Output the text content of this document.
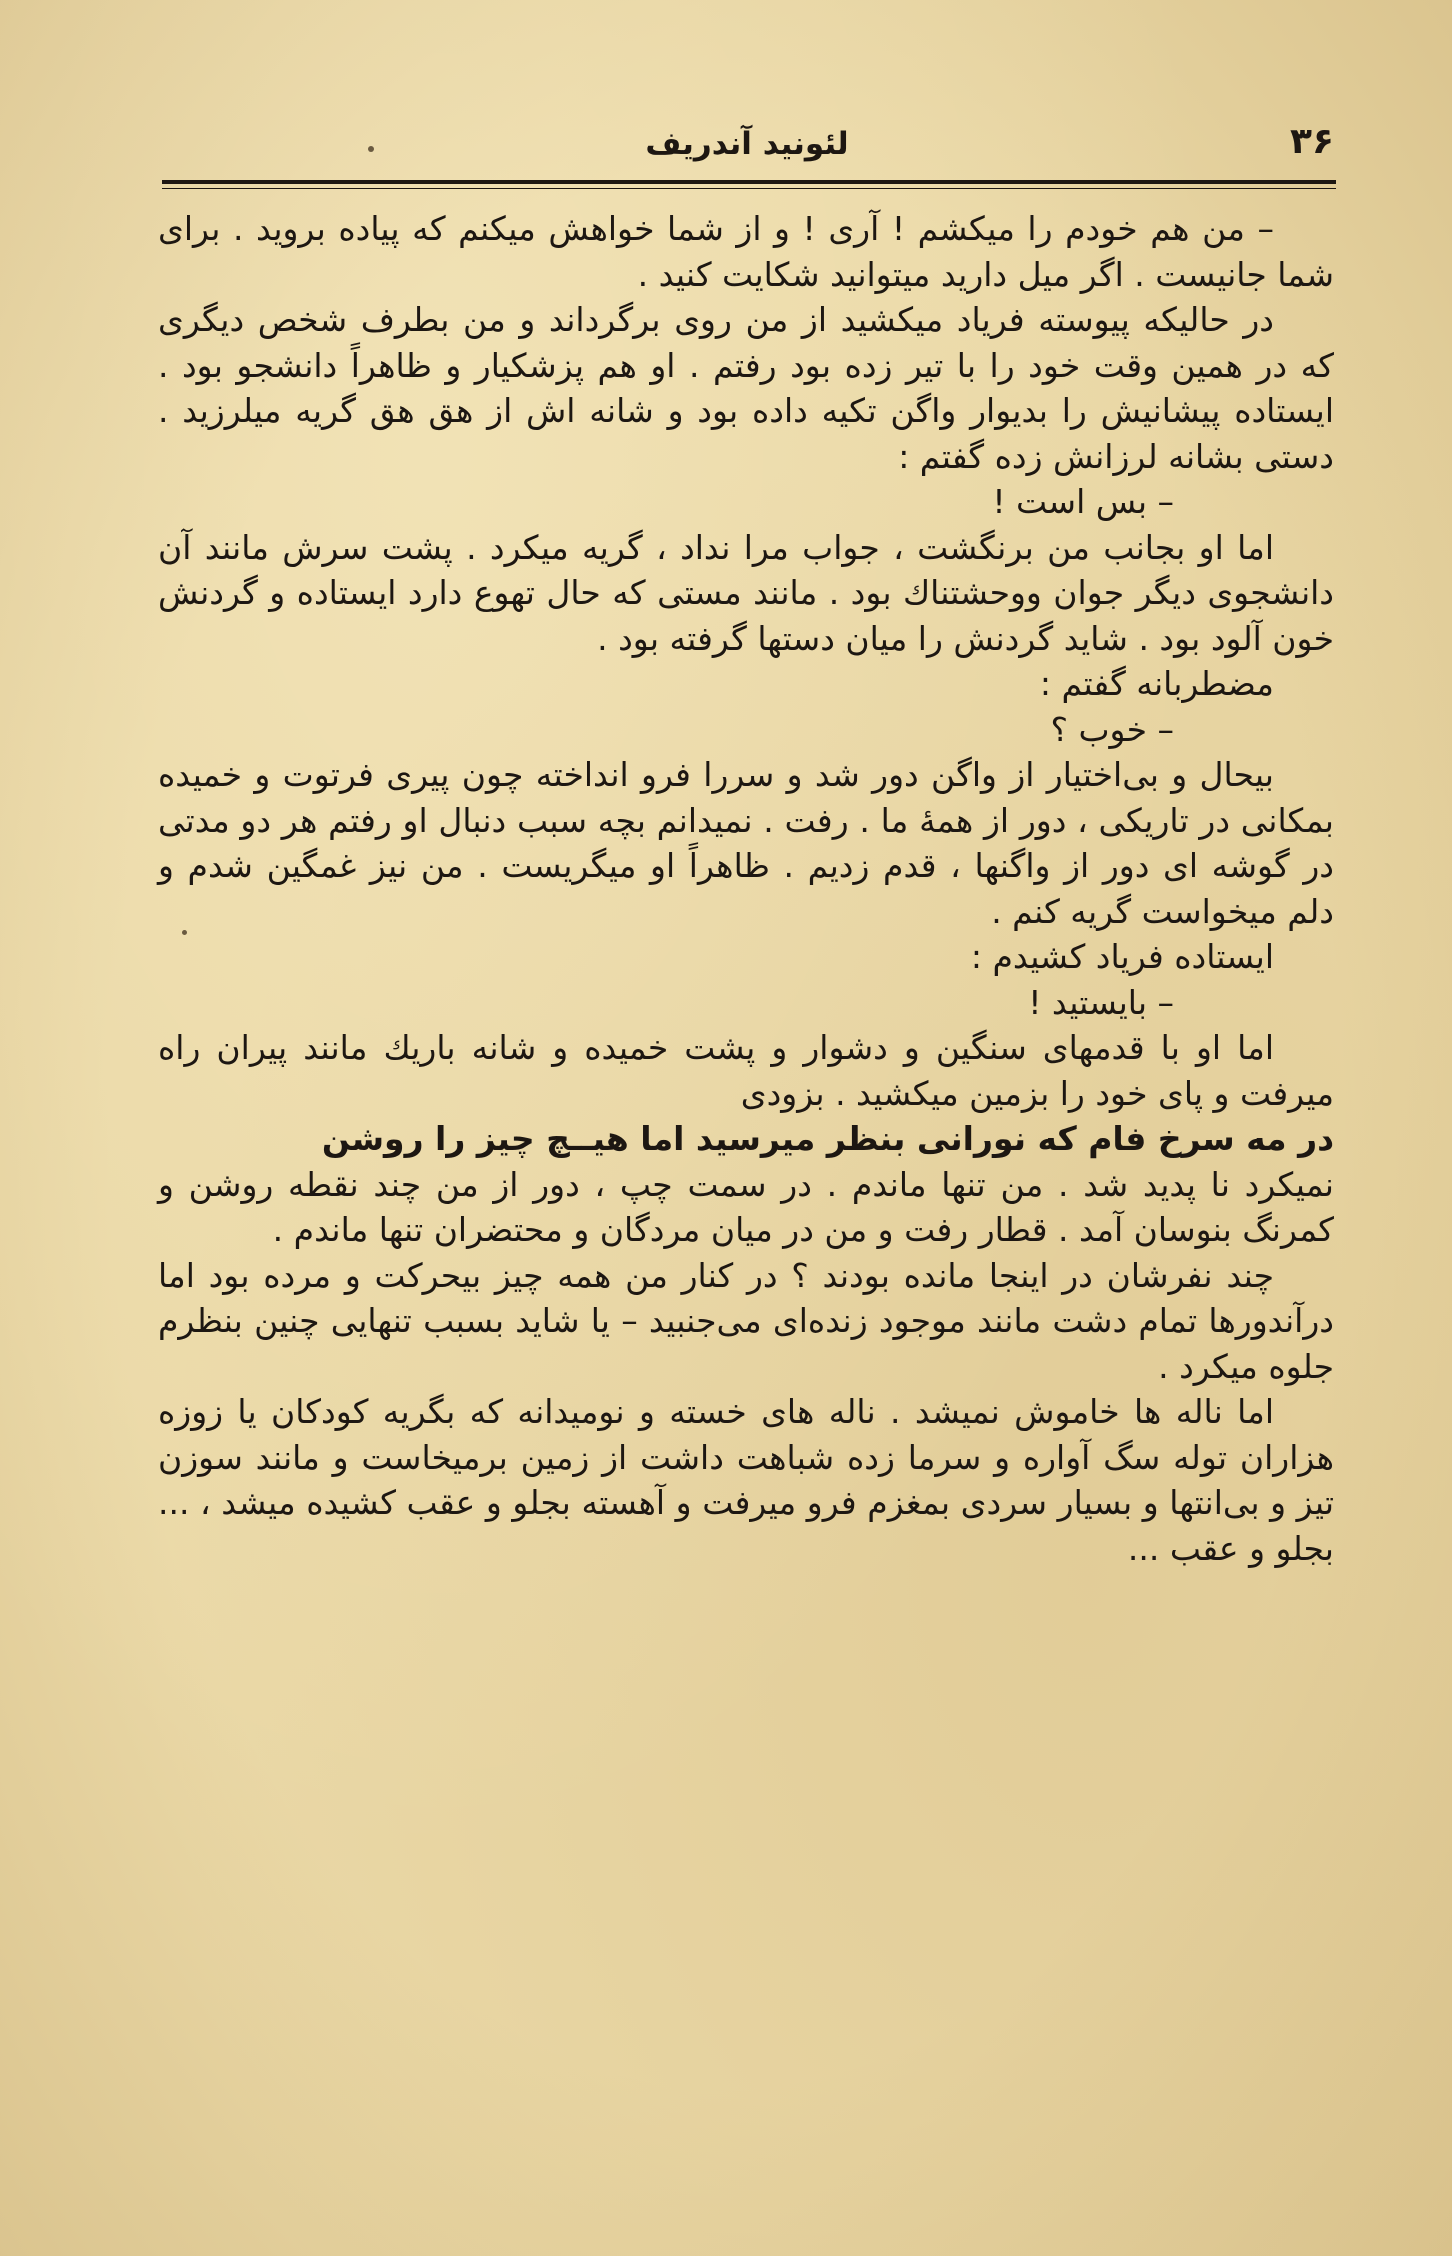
۳۶
لئونید آندریف

– من هم خودم را میکشم ! آری ! و از شما خواهش میکنم که پیاده بروید . برای شما جانیست . اگر میل دارید میتوانید شکایت کنید .

در حالیکه پیوسته فریاد میکشید از من روی برگرداند و من بطرف شخص دیگری که در همین وقت خود را با تیر زده بود رفتم . او هم پزشکیار و ظاهراً دانشجو بود . ایستاده پیشانیش را بدیوار واگن تکیه داده بود و شانه اش از هق هق گریه میلرزید . دستی بشانه لرزانش زده گفتم :

– بس است !

اما او بجانب من برنگشت ، جواب مرا نداد ، گریه میکرد . پشت سرش مانند آن دانشجوی دیگر جوان ووحشتناك بود . مانند مستی که حال تهوع دارد ایستاده و گردنش خون آلود بود . شاید گردنش را میان دستها گرفته بود .

مضطربانه گفتم :

– خوب ؟

بیحال و بی‌اختیار از واگن دور شد و سررا فرو انداخته چون پیری فرتوت و خمیده بمکانی در تاریکی ، دور از همهٔ ما . رفت . نمیدانم بچه سبب دنبال او رفتم هر دو مدتی در گوشه ای دور از واگنها ، قدم زدیم . ظاهراً او میگریست . من نیز غمگین شدم و دلم میخواست گریه کنم .

ایستاده فریاد کشیدم :

– بایستید !

اما او با قدمهای سنگین و دشوار و پشت خمیده و شانه باریك مانند پیران راه میرفت و پای خود را بزمین میکشید . بزودی

در مه سرخ فام که نورانی بنظر میرسید اما هیــچ چیز را روشن

نمیکرد نا پدید شد . من تنها ماندم . در سمت چپ ، دور از من چند نقطه روشن و کمرنگ بنوسان آمد . قطار رفت و من در میان مردگان و محتضران تنها ماندم .

چند نفرشان در اینجا مانده بودند ؟ در کنار من همه چیز بیحرکت و مرده بود اما درآندورها تمام دشت مانند موجود زنده‌ای می‌جنبید – یا شاید بسبب تنهایی چنین بنظرم جلوه میکرد .

اما ناله ها خاموش نمیشد . ناله های خسته و نومیدانه که بگریه کودکان یا زوزه هزاران توله سگ آواره و سرما زده شباهت داشت از زمین برمیخاست و مانند سوزن تیز و بی‌انتها و بسیار سردی بمغزم فرو میرفت و آهسته بجلو و عقب کشیده میشد ، ... بجلو و عقب ...
